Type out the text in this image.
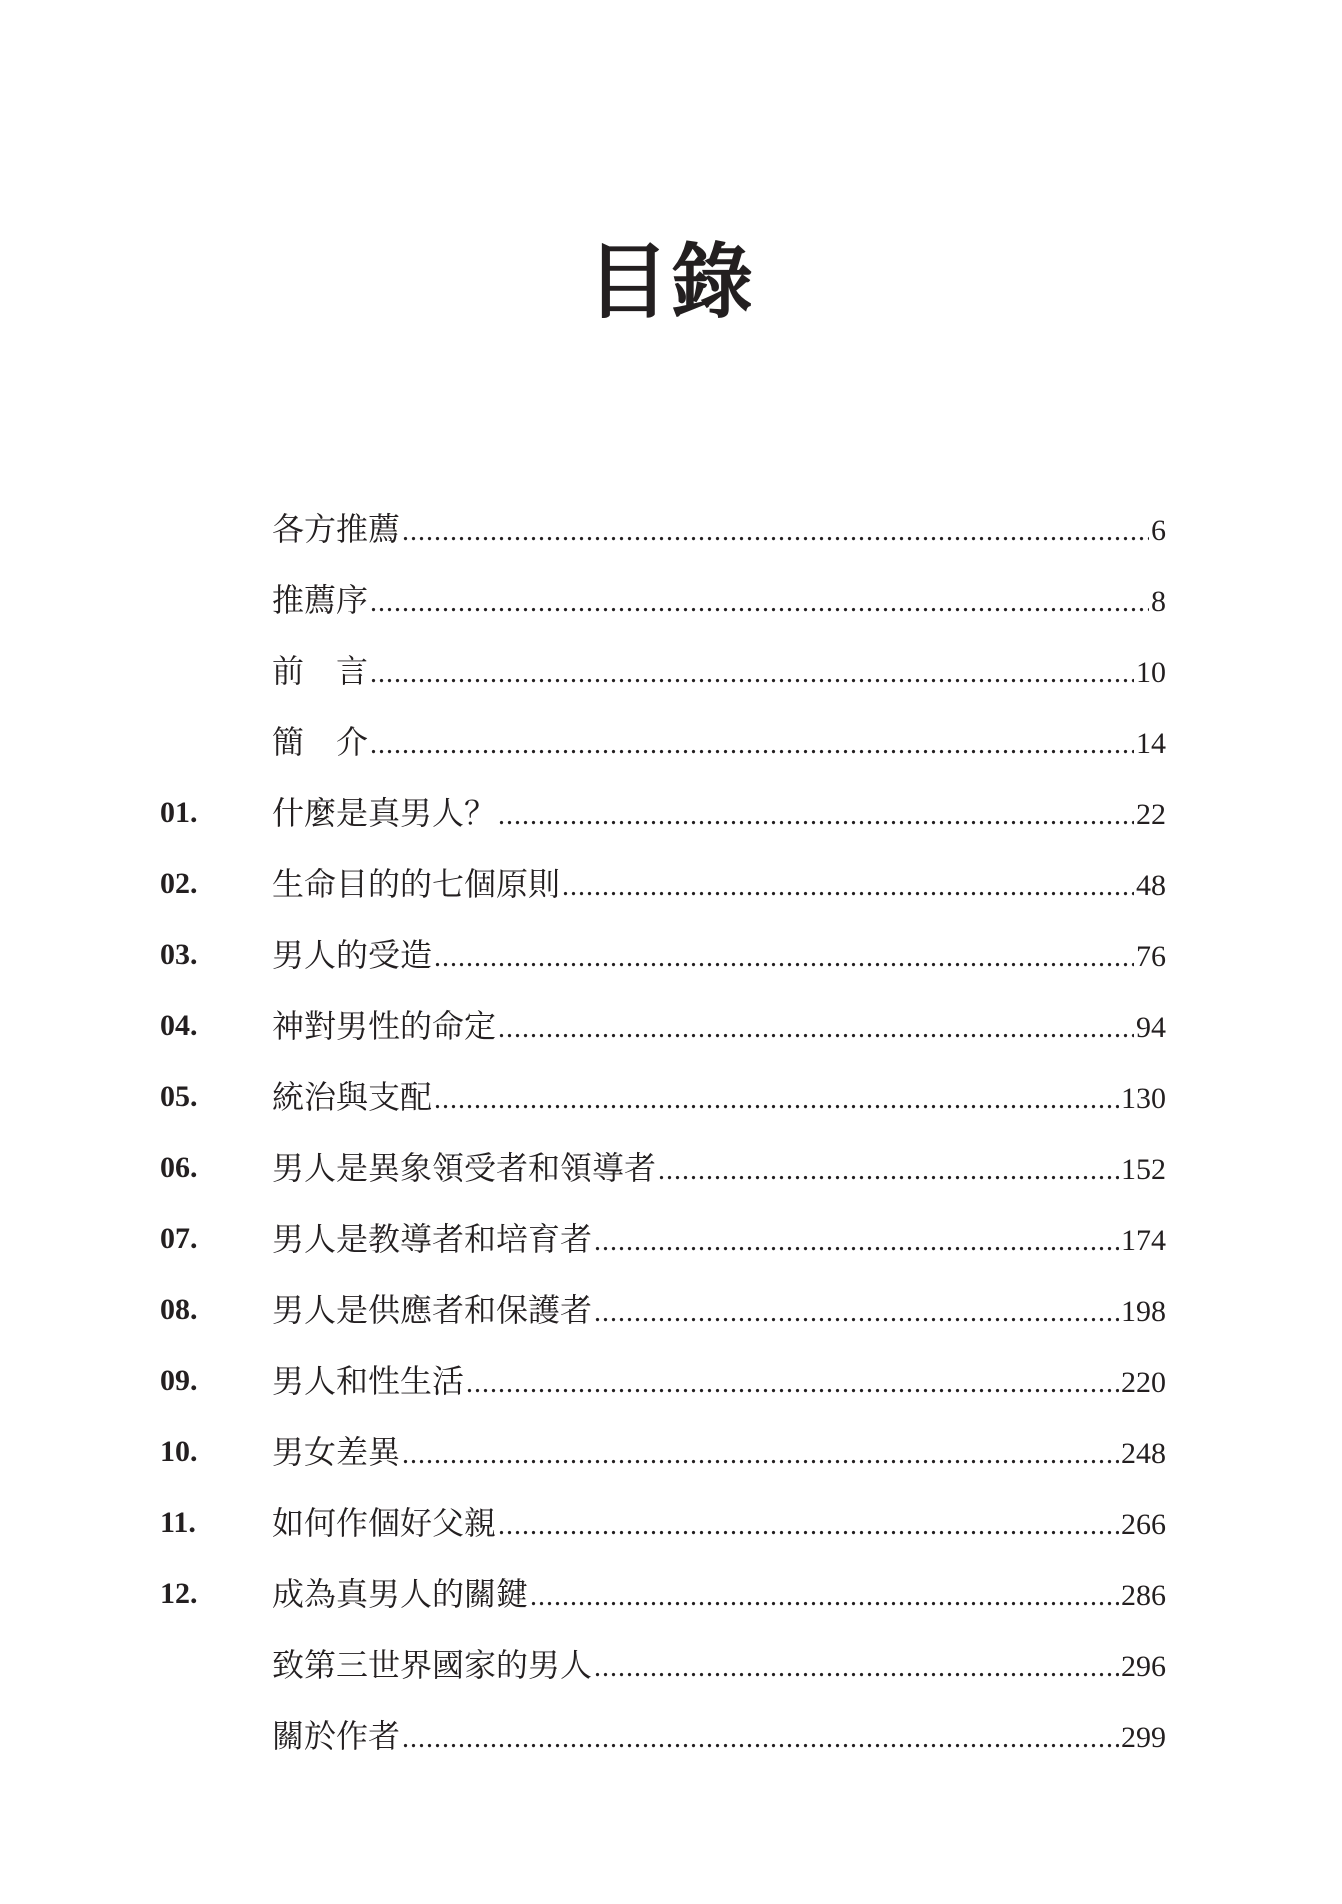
目錄
各方推薦 .....	6
推薦序 .....	8
前　言 .....	10
簡　介 .....	14
01.	什麼是真男人？ .....	22
02.	生命目的的七個原則 .....	48
03.	男人的受造 .....	76
04.	神對男性的命定 .....	94
05.	統治與支配 .....	130
06.	男人是異象領受者和領導者 .....	152
07.	男人是教導者和培育者 .....	174
08.	男人是供應者和保護者 .....	198
09.	男人和性生活 .....	220
10.	男女差異 .....	248
11.	如何作個好父親 .....	266
12.	成為真男人的關鍵 .....	286
致第三世界國家的男人 .....	296
關於作者 .....	299
